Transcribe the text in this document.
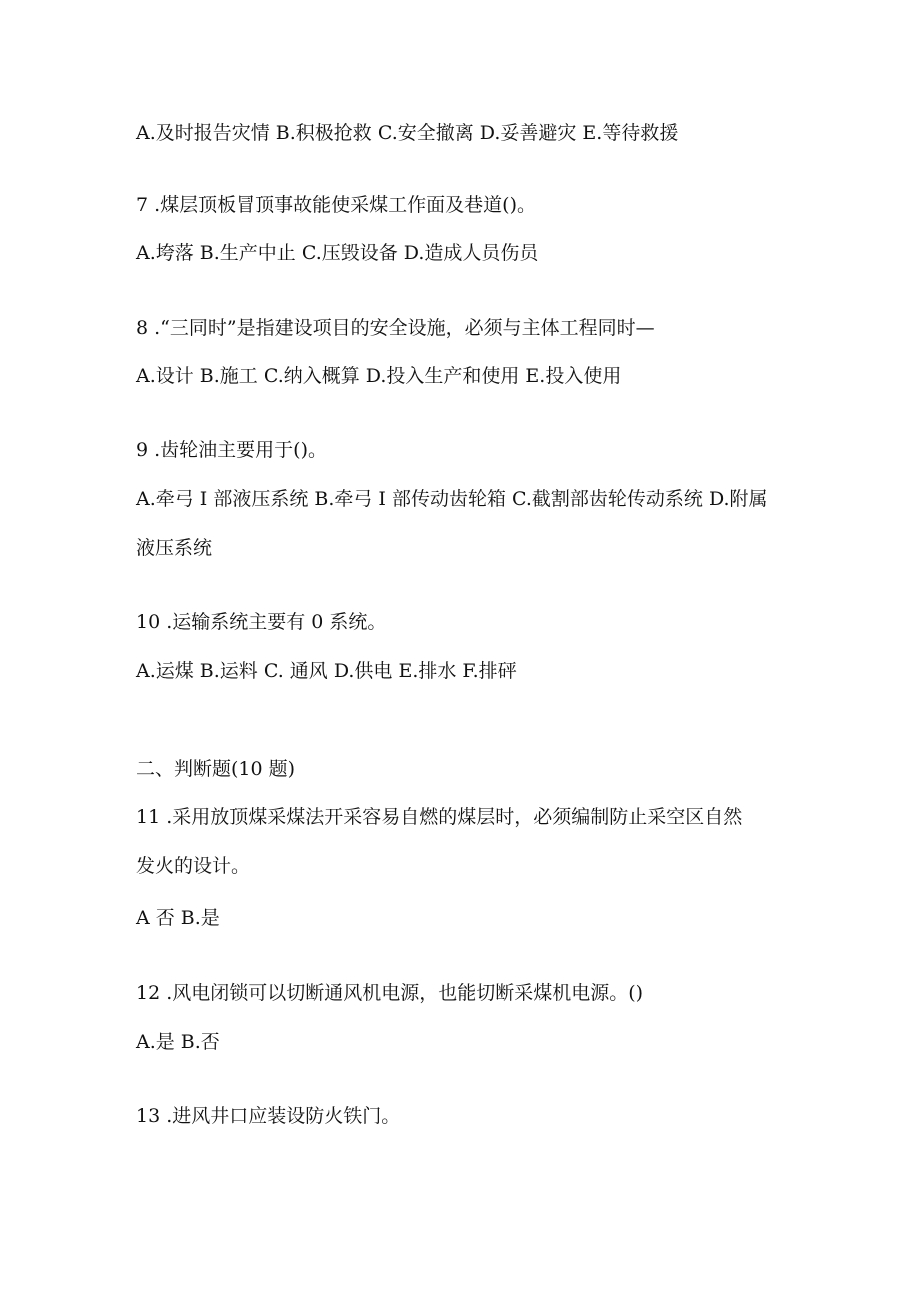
A.及时报告灾情 B.积极抢救 C.安全撤离 D.妥善避灾 E.等待救援
7 .煤层顶板冒顶事故能使采煤工作面及巷道()。
A.垮落 B.生产中止 C.压毁设备 D.造成人员伤员
8 .“三同时”是指建设项目的安全设施，必须与主体工程同时—
A.设计 B.施工 C.纳入概算 D.投入生产和使用 E.投入使用
9 .齿轮油主要用于()。
A.牵弓 I 部液压系统 B.牵弓 I 部传动齿轮箱 C.截割部齿轮传动系统 D.附属
液压系统
10 .运输系统主要有 0 系统。
A.运煤 B.运料 C. 通风 D.供电 E.排水 F.排砰
二、判断题(10 题)
11 .采用放顶煤采煤法开采容易自燃的煤层时，必须编制防止采空区自然
发火的设计。
A 否 B.是
12 .风电闭锁可以切断通风机电源，也能切断采煤机电源。()
A.是 B.否
13 .进风井口应装设防火铁门。
